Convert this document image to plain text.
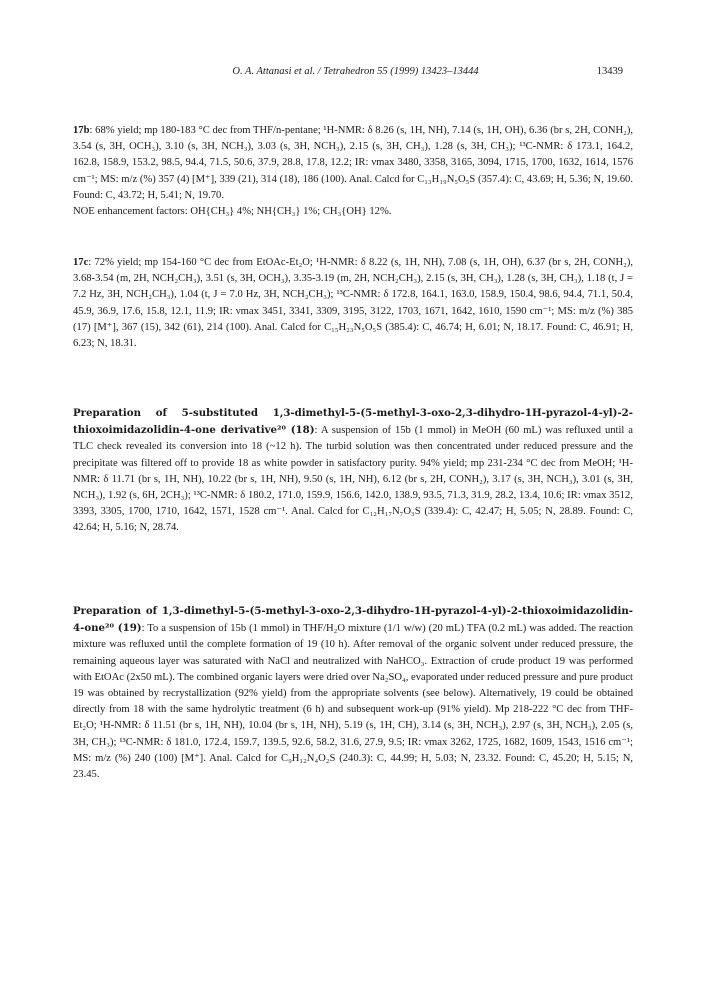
O. A. Attanasi et al. / Tetrahedron 55 (1999) 13423–13444	13439

17b: 68% yield; mp 180-183 °C dec from THF/n-pentane; ¹H-NMR: δ 8.26 (s, 1H, NH), 7.14 (s, 1H, OH), 6.36 (br s, 2H, CONH₂), 3.54 (s, 3H, OCH₃), 3.10 (s, 3H, NCH₃), 3.03 (s, 3H, NCH₃), 2.15 (s, 3H, CH₃), 1.28 (s, 3H, CH₃); ¹³C-NMR: δ 173.1, 164.2, 162.8, 158.9, 153.2, 98.5, 94.4, 71.5, 50.6, 37.9, 28.8, 17.8, 12.2; IR: νmax 3480, 3358, 3165, 3094, 1715, 1700, 1632, 1614, 1576 cm⁻¹; MS: m/z (%) 357 (4) [M⁺], 339 (21), 314 (18), 186 (100). Anal. Calcd for C₁₃H₁₉N₅O₅S (357.4): C, 43.69; H, 5.36; N, 19.60. Found: C, 43.72; H, 5.41; N, 19.70.
NOE enhancement factors: OH{CH₃} 4%; NH{CH₃} 1%; CH₃{OH} 12%.

17c: 72% yield; mp 154-160 °C dec from EtOAc-Et₂O; ¹H-NMR: δ 8.22 (s, 1H, NH), 7.08 (s, 1H, OH), 6.37 (br s, 2H, CONH₂), 3.68-3.54 (m, 2H, NCH₂CH₃), 3.51 (s, 3H, OCH₃), 3.35-3.19 (m, 2H, NCH₂CH₃), 2.15 (s, 3H, CH₃), 1.28 (s, 3H, CH₃), 1.18 (t, J = 7.2 Hz, 3H, NCH₂CH₃), 1.04 (t, J = 7.0 Hz, 3H, NCH₂CH₃); ¹³C-NMR: δ 172.8, 164.1, 163.0, 158.9, 150.4, 98.6, 94.4, 71.1, 50.4, 45.9, 36.9, 17.6, 15.8, 12.1, 11.9; IR: νmax 3451, 3341, 3309, 3195, 3122, 1703, 1671, 1642, 1610, 1590 cm⁻¹; MS: m/z (%) 385 (17) [M⁺], 367 (15), 342 (61), 214 (100). Anal. Calcd for C₁₅H₂₃N₅O₅S (385.4): C, 46.74; H, 6.01; N, 18.17. Found: C, 46.91; H, 6.23; N, 18.31.

Preparation of 5-substituted 1,3-dimethyl-5-(5-methyl-3-oxo-2,3-dihydro-1H-pyrazol-4-yl)-2-thioxoimidazolidin-4-one derivative²⁰ (18): A suspension of 15b (1 mmol) in MeOH (60 mL) was refluxed until a TLC check revealed its conversion into 18 (~12 h). The turbid solution was then concentrated under reduced pressure and the precipitate was filtered off to provide 18 as white powder in satisfactory purity. 94% yield; mp 231-234 °C dec from MeOH; ¹H-NMR: δ 11.71 (br s, 1H, NH), 10.22 (br s, 1H, NH), 9.50 (s, 1H, NH), 6.12 (br s, 2H, CONH₂), 3.17 (s, 3H, NCH₃), 3.01 (s, 3H, NCH₃), 1.92 (s, 6H, 2CH₃); ¹³C-NMR: δ 180.2, 171.0, 159.9, 156.6, 142.0, 138.9, 93.5, 71.3, 31.9, 28.2, 13.4, 10.6; IR: νmax 3512, 3393, 3305, 1700, 1710, 1642, 1571, 1528 cm⁻¹. Anal. Calcd for C₁₂H₁₇N₇O₃S (339.4): C, 42.47; H, 5.05; N, 28.89. Found: C, 42.64; H, 5.16; N, 28.74.

Preparation of 1,3-dimethyl-5-(5-methyl-3-oxo-2,3-dihydro-1H-pyrazol-4-yl)-2-thioxoimidazolidin-4-one²⁰ (19): To a suspension of 15b (1 mmol) in THF/H₂O mixture (1/1 w/w) (20 mL) TFA (0.2 mL) was added. The reaction mixture was refluxed until the complete formation of 19 (10 h). After removal of the organic solvent under reduced pressure, the remaining aqueous layer was saturated with NaCl and neutralized with NaHCO₃. Extraction of crude product 19 was performed with EtOAc (2x50 mL). The combined organic layers were dried over Na₂SO₄, evaporated under reduced pressure and pure product 19 was obtained by recrystallization (92% yield) from the appropriate solvents (see below). Alternatively, 19 could be obtained directly from 18 with the same hydrolytic treatment (6 h) and subsequent work-up (91% yield). Mp 218-222 °C dec from THF-Et₂O; ¹H-NMR: δ 11.51 (br s, 1H, NH), 10.04 (br s, 1H, NH), 5.19 (s, 1H, CH), 3.14 (s, 3H, NCH₃), 2.97 (s, 3H, NCH₃), 2.05 (s, 3H, CH₃); ¹³C-NMR: δ 181.0, 172.4, 159.7, 139.5, 92.6, 58.2, 31.6, 27.9, 9.5; IR: νmax 3262, 1725, 1682, 1609, 1543, 1516 cm⁻¹; MS: m/z (%) 240 (100) [M⁺]. Anal. Calcd for C₉H₁₂N₄O₂S (240.3): C, 44.99; H, 5.03; N, 23.32. Found: C, 45.20; H, 5.15; N, 23.45.
